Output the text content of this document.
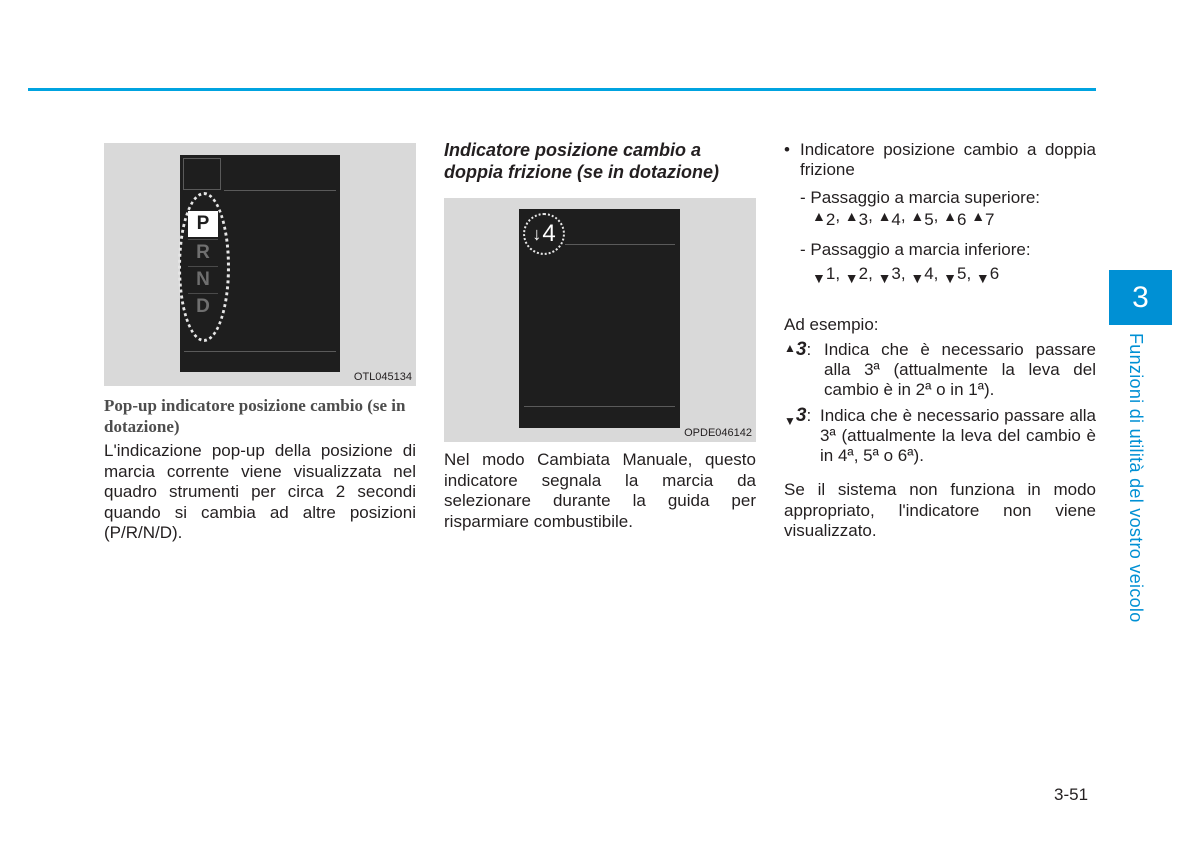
3
Funzioni di utilità del vostro veicolo
P
R
N
D
OTL045134
Pop-up indicatore posizione cambio (se in dotazione)
L'indicazione pop-up della posizione di marcia corrente viene visualizzata nel quadro strumenti per circa 2 secondi quando si cambia ad altre posizioni (P/R/N/D).
Indicatore posizione cambio a doppia frizione (se in dotazione)
↓ 4
OPDE046142
Nel modo Cambiata Manuale, questo indicatore segnala la marcia da selezionare durante la guida per risparmiare combustibile.
• Indicatore posizione cambio a doppia frizione
- Passaggio a marcia superiore:
▲2, ▲3, ▲4, ▲5, ▲6 ▲7
- Passaggio a marcia inferiore:
$_▼$1, $_▼$2, $_▼$3, $_▼$4, $_▼$5, $_▼$6
Ad esempio:
▲3: Indica che è necessario passare alla 3ª (attualmente la leva del cambio è in 2ª o in 1ª).
$_▼$3: Indica che è necessario passare alla 3ª (attualmente la leva del cambio è in 4ª, 5ª o 6ª).
Se il sistema non funziona in modo appropriato, l'indicatore non viene visualizzato.
3-51
